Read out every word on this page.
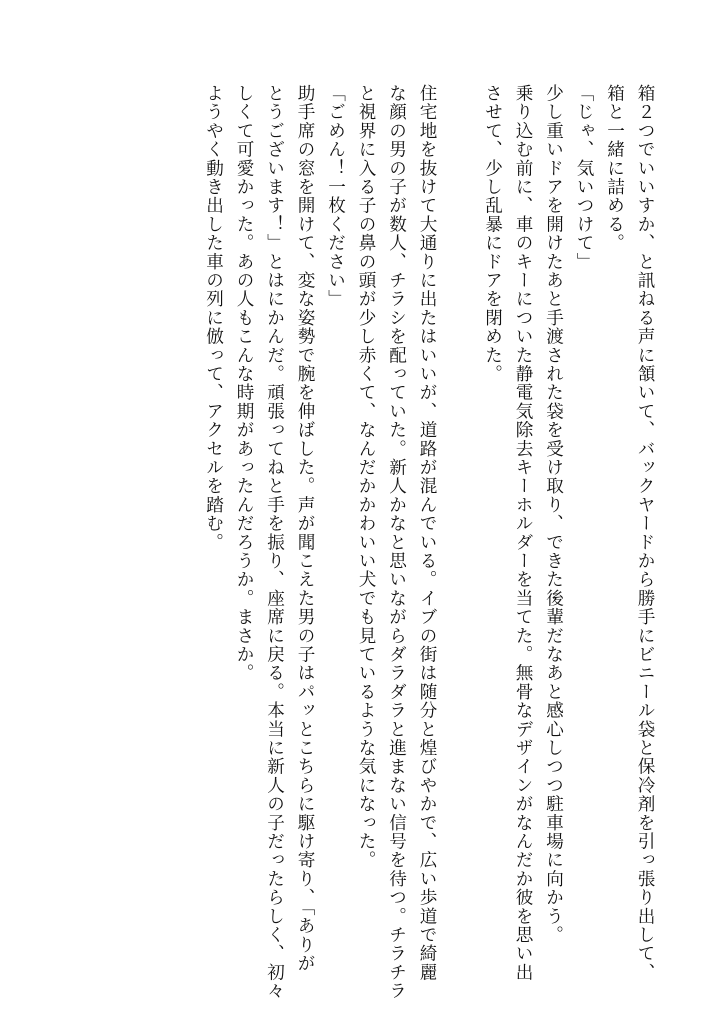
箱２つでいいすか、と訊ねる声に頷いて、バックヤードから勝手にビニール袋と保冷剤を引っ張り出して、
箱と一緒に詰める。
「じゃ、気いつけて」
少し重いドアを開けたあと手渡された袋を受け取り、できた後輩だなあと感心しつつ駐車場に向かう。
乗り込む前に、車のキーについた静電気除去キーホルダーを当てた。無骨なデザインがなんだか彼を思い出
させて、少し乱暴にドアを閉めた。
住宅地を抜けて大通りに出たはいいが、道路が混んでいる。イブの街は随分と煌びやかで、広い歩道で綺麗
な顔の男の子が数人、チラシを配っていた。新人かなと思いながらダラダラと進まない信号を待つ。チラチラ
と視界に入る子の鼻の頭が少し赤くて、なんだかかわいい犬でも見ているような気になった。
「ごめん！一枚ください」
助手席の窓を開けて、変な姿勢で腕を伸ばした。声が聞こえた男の子はパッとこちらに駆け寄り、「ありが
とうございます！」とはにかんだ。頑張ってねと手を振り、座席に戻る。本当に新人の子だったらしく、初々
しくて可愛かった。あの人もこんな時期があったんだろうか。まさか。
ようやく動き出した車の列に倣って、アクセルを踏む。
